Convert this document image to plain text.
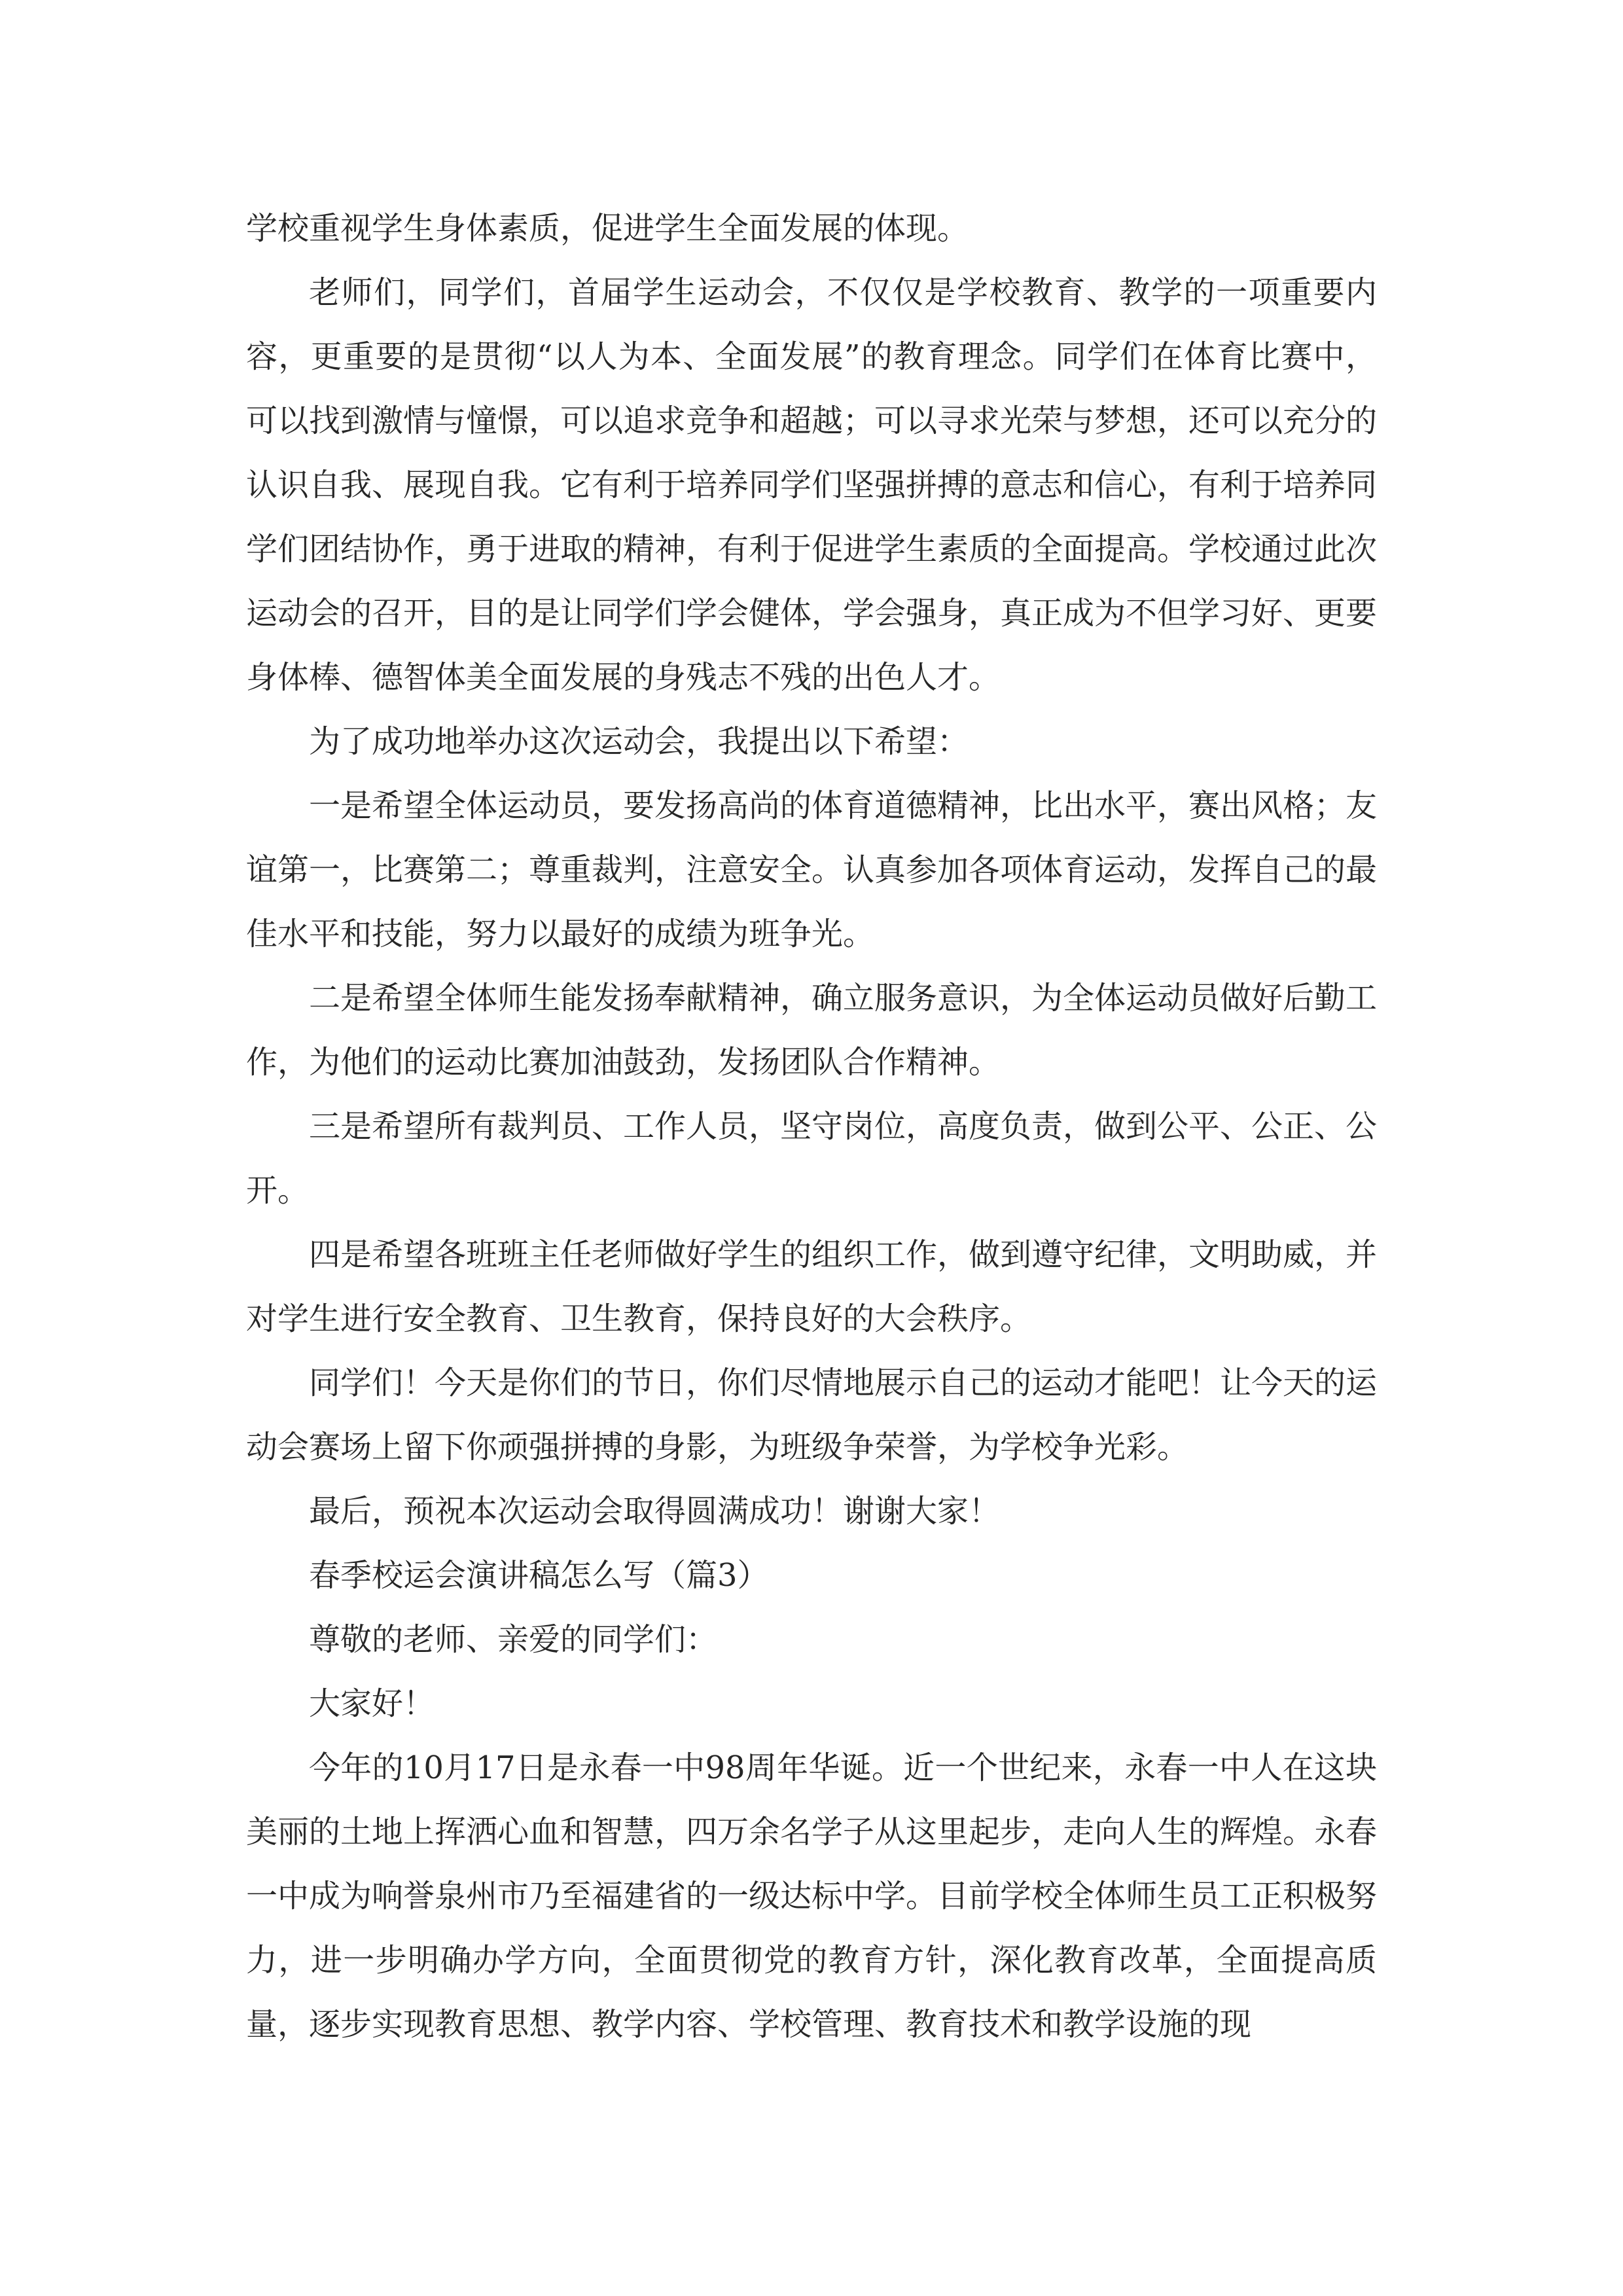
学校重视学生身体素质，促进学生全面发展的体现。

老师们，同学们，首届学生运动会，不仅仅是学校教育、教学的一项重要内容，更重要的是贯彻“以人为本、全面发展”的教育理念。同学们在体育比赛中，可以找到激情与憧憬，可以追求竞争和超越；可以寻求光荣与梦想，还可以充分的认识自我、展现自我。它有利于培养同学们坚强拼搏的意志和信心，有利于培养同学们团结协作，勇于进取的精神，有利于促进学生素质的全面提高。学校通过此次运动会的召开，目的是让同学们学会健体，学会强身，真正成为不但学习好、更要身体棒、德智体美全面发展的身残志不残的出色人才。

为了成功地举办这次运动会，我提出以下希望：

一是希望全体运动员，要发扬高尚的体育道德精神，比出水平，赛出风格；友谊第一，比赛第二；尊重裁判，注意安全。认真参加各项体育运动，发挥自己的最佳水平和技能，努力以最好的成绩为班争光。

二是希望全体师生能发扬奉献精神，确立服务意识，为全体运动员做好后勤工作，为他们的运动比赛加油鼓劲，发扬团队合作精神。

三是希望所有裁判员、工作人员，坚守岗位，高度负责，做到公平、公正、公开。

四是希望各班班主任老师做好学生的组织工作，做到遵守纪律，文明助威，并对学生进行安全教育、卫生教育，保持良好的大会秩序。

同学们！今天是你们的节日，你们尽情地展示自己的运动才能吧！让今天的运动会赛场上留下你顽强拼搏的身影，为班级争荣誉，为学校争光彩。

最后，预祝本次运动会取得圆满成功！谢谢大家！

春季校运会演讲稿怎么写（篇3）

尊敬的老师、亲爱的同学们：

大家好！

今年的10月17日是永春一中98周年华诞。近一个世纪来，永春一中人在这块美丽的土地上挥洒心血和智慧，四万余名学子从这里起步，走向人生的辉煌。永春一中成为响誉泉州市乃至福建省的一级达标中学。目前学校全体师生员工正积极努力，进一步明确办学方向，全面贯彻党的教育方针，深化教育改革，全面提高质量，逐步实现教育思想、教学内容、学校管理、教育技术和教学设施的现
